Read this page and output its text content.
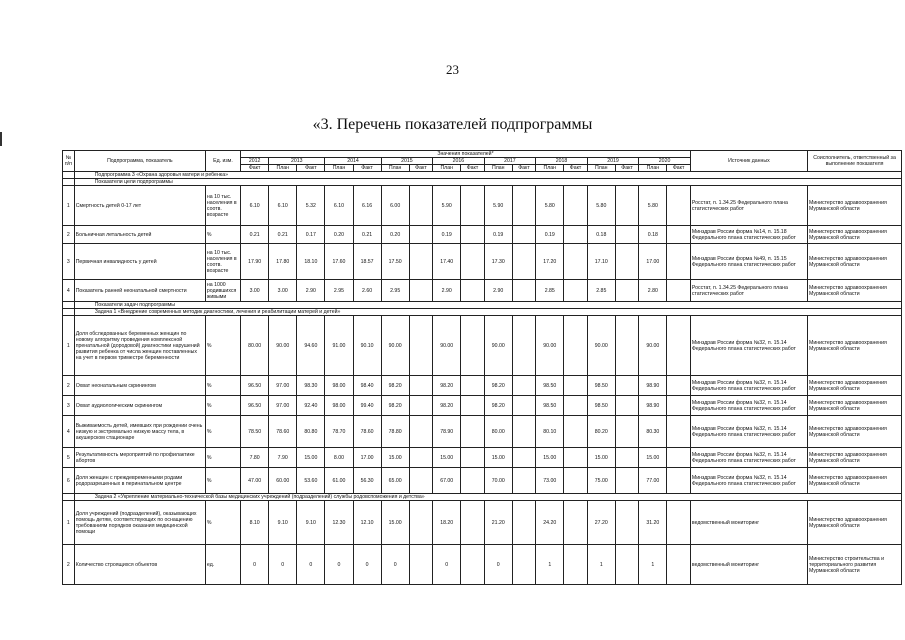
23
«3. Перечень показателей подпрограммы
№ п/п	Подпрограмма, показатель	Ед. изм.	Значения показателей*																	Источник данных	Соисполнитель, ответственный за выполнение показателя
			2012	2013		2014		2015		2016		2017		2018		2019		2020			
			Факт	План	Факт	План	Факт	План	Факт	План	Факт	План	Факт	План	Факт	План	Факт	План	Факт		
	Подпрограмма 3 «Охрана здоровья матери и ребенка»																				
	Показатели цели подпрограммы																				
1	Смертность детей 0-17 лет	на 10 тыс. населения в соотв. возрасте	6.10	6.10	5.32	6.10	6.16	6.00		5.90		5.90		5.80		5.80		5.80		Росстат, п. 1.34.25 Федерального плана статистических работ	Министерство здравоохранения Мурманской области
2	Больничная летальность детей	%	0.21	0.21	0.17	0.20	0.21	0.20		0.19		0.19		0.19		0.18		0.18		Минздрав России форма №14, п. 15.18 Федерального плана статистических работ	Министерство здравоохранения Мурманской области
3	Первичная инвалидность у детей	на 10 тыс. населения в соотв. возрасте	17.90	17.80	18.10	17.60	18.57	17.50		17.40		17.30		17.20		17.10		17.00		Минздрав России форма №49, п. 15.15 Федерального плана статистических работ	Министерство здравоохранения Мурманской области
4	Показатель ранней неонатальной смертности	на 1000 родившихся живыми	3.00	3.00	2.90	2.95	2.60	2.95		2.90		2.90		2.85		2.85		2.80		Росстат, п. 1.34.25 Федерального плана статистических работ	Министерство здравоохранения Мурманской области
	Показатели задач подпрограммы																				
	Задача 1 «Внедрение современных методик диагностики, лечения и реабилитации матерей и детей»																				
1	Доля обследованных беременных женщин по новому алгоритму проведения комплексной пренатальной (дородовой) диагностики нарушений развития ребенка от числа женщин поставленных на учет в первом триместре беременности	%	80.00	90.00	94.60	91.00	90.10	90.00		90.00		90.00		90.00		90.00		90.00		Минздрав России форма №32, п. 15.14 Федерального плана статистических работ	Министерство здравоохранения Мурманской области
2	Охват неонатальным скринингом	%	96.50	97.00	98.30	98.00	98.40	98.20		98.20		98.20		98.50		98.50		98.90		Минздрав России форма №32, п. 15.14 Федерального плана статистических работ	Министерство здравоохранения Мурманской области
3	Охват аудиологическим скринингом	%	96.50	97.00	92.40	98.00	99.40	98.20		98.20		98.20		98.50		98.50		98.90		Минздрав России форма №32, п. 15.14 Федерального плана статистических работ	Министерство здравоохранения Мурманской области
4	Выживаемость детей, имевших при рождении очень низкую и экстремально низкую массу тела, в акушерском стационаре	%	78.50	78.60	80.80	78.70	78.60	78.80		78.90		80.00		80.10		80.20		80.30		Минздрав России форма №32, п. 15.14 Федерального плана статистических работ	Министерство здравоохранения Мурманской области
5	Результативность мероприятий по профилактике абортов	%	7.80	7.90	15.00	8.00	17.00	15.00		15.00		15.00		15.00		15.00		15.00		Минздрав России форма №32, п. 15.14 Федерального плана статистических работ	Министерство здравоохранения Мурманской области
6	Доля женщин с преждевременными родами родоразрешенных в перинатальном центре	%	47.00	60.00	53.60	61.00	56.30	65.00		67.00		70.00		73.00		75.00		77.00		Минздрав России форма №32, п. 15.14 Федерального плана статистических работ	Министерство здравоохранения Мурманской области
	Задача 2 «Укрепление материально-технической базы медицинских учреждений (подразделений) службы родовспоможения и детства»																				
1	Доля учреждений (подразделений), оказывающих помощь детям, соответствующих по оснащению требованиям порядков оказания медицинской помощи	%	8.10	9.10	9.10	12.30	12.10	15.00		18.20		21.20		24.20		27.20		31.20		ведомственный мониторинг	Министерство здравоохранения Мурманской области
2	Количество строящихся объектов	ед.	0	0	0	0	0	0		0		0		1		1		1		ведомственный мониторинг	Министерство строительства и территориального развития Мурманской области
